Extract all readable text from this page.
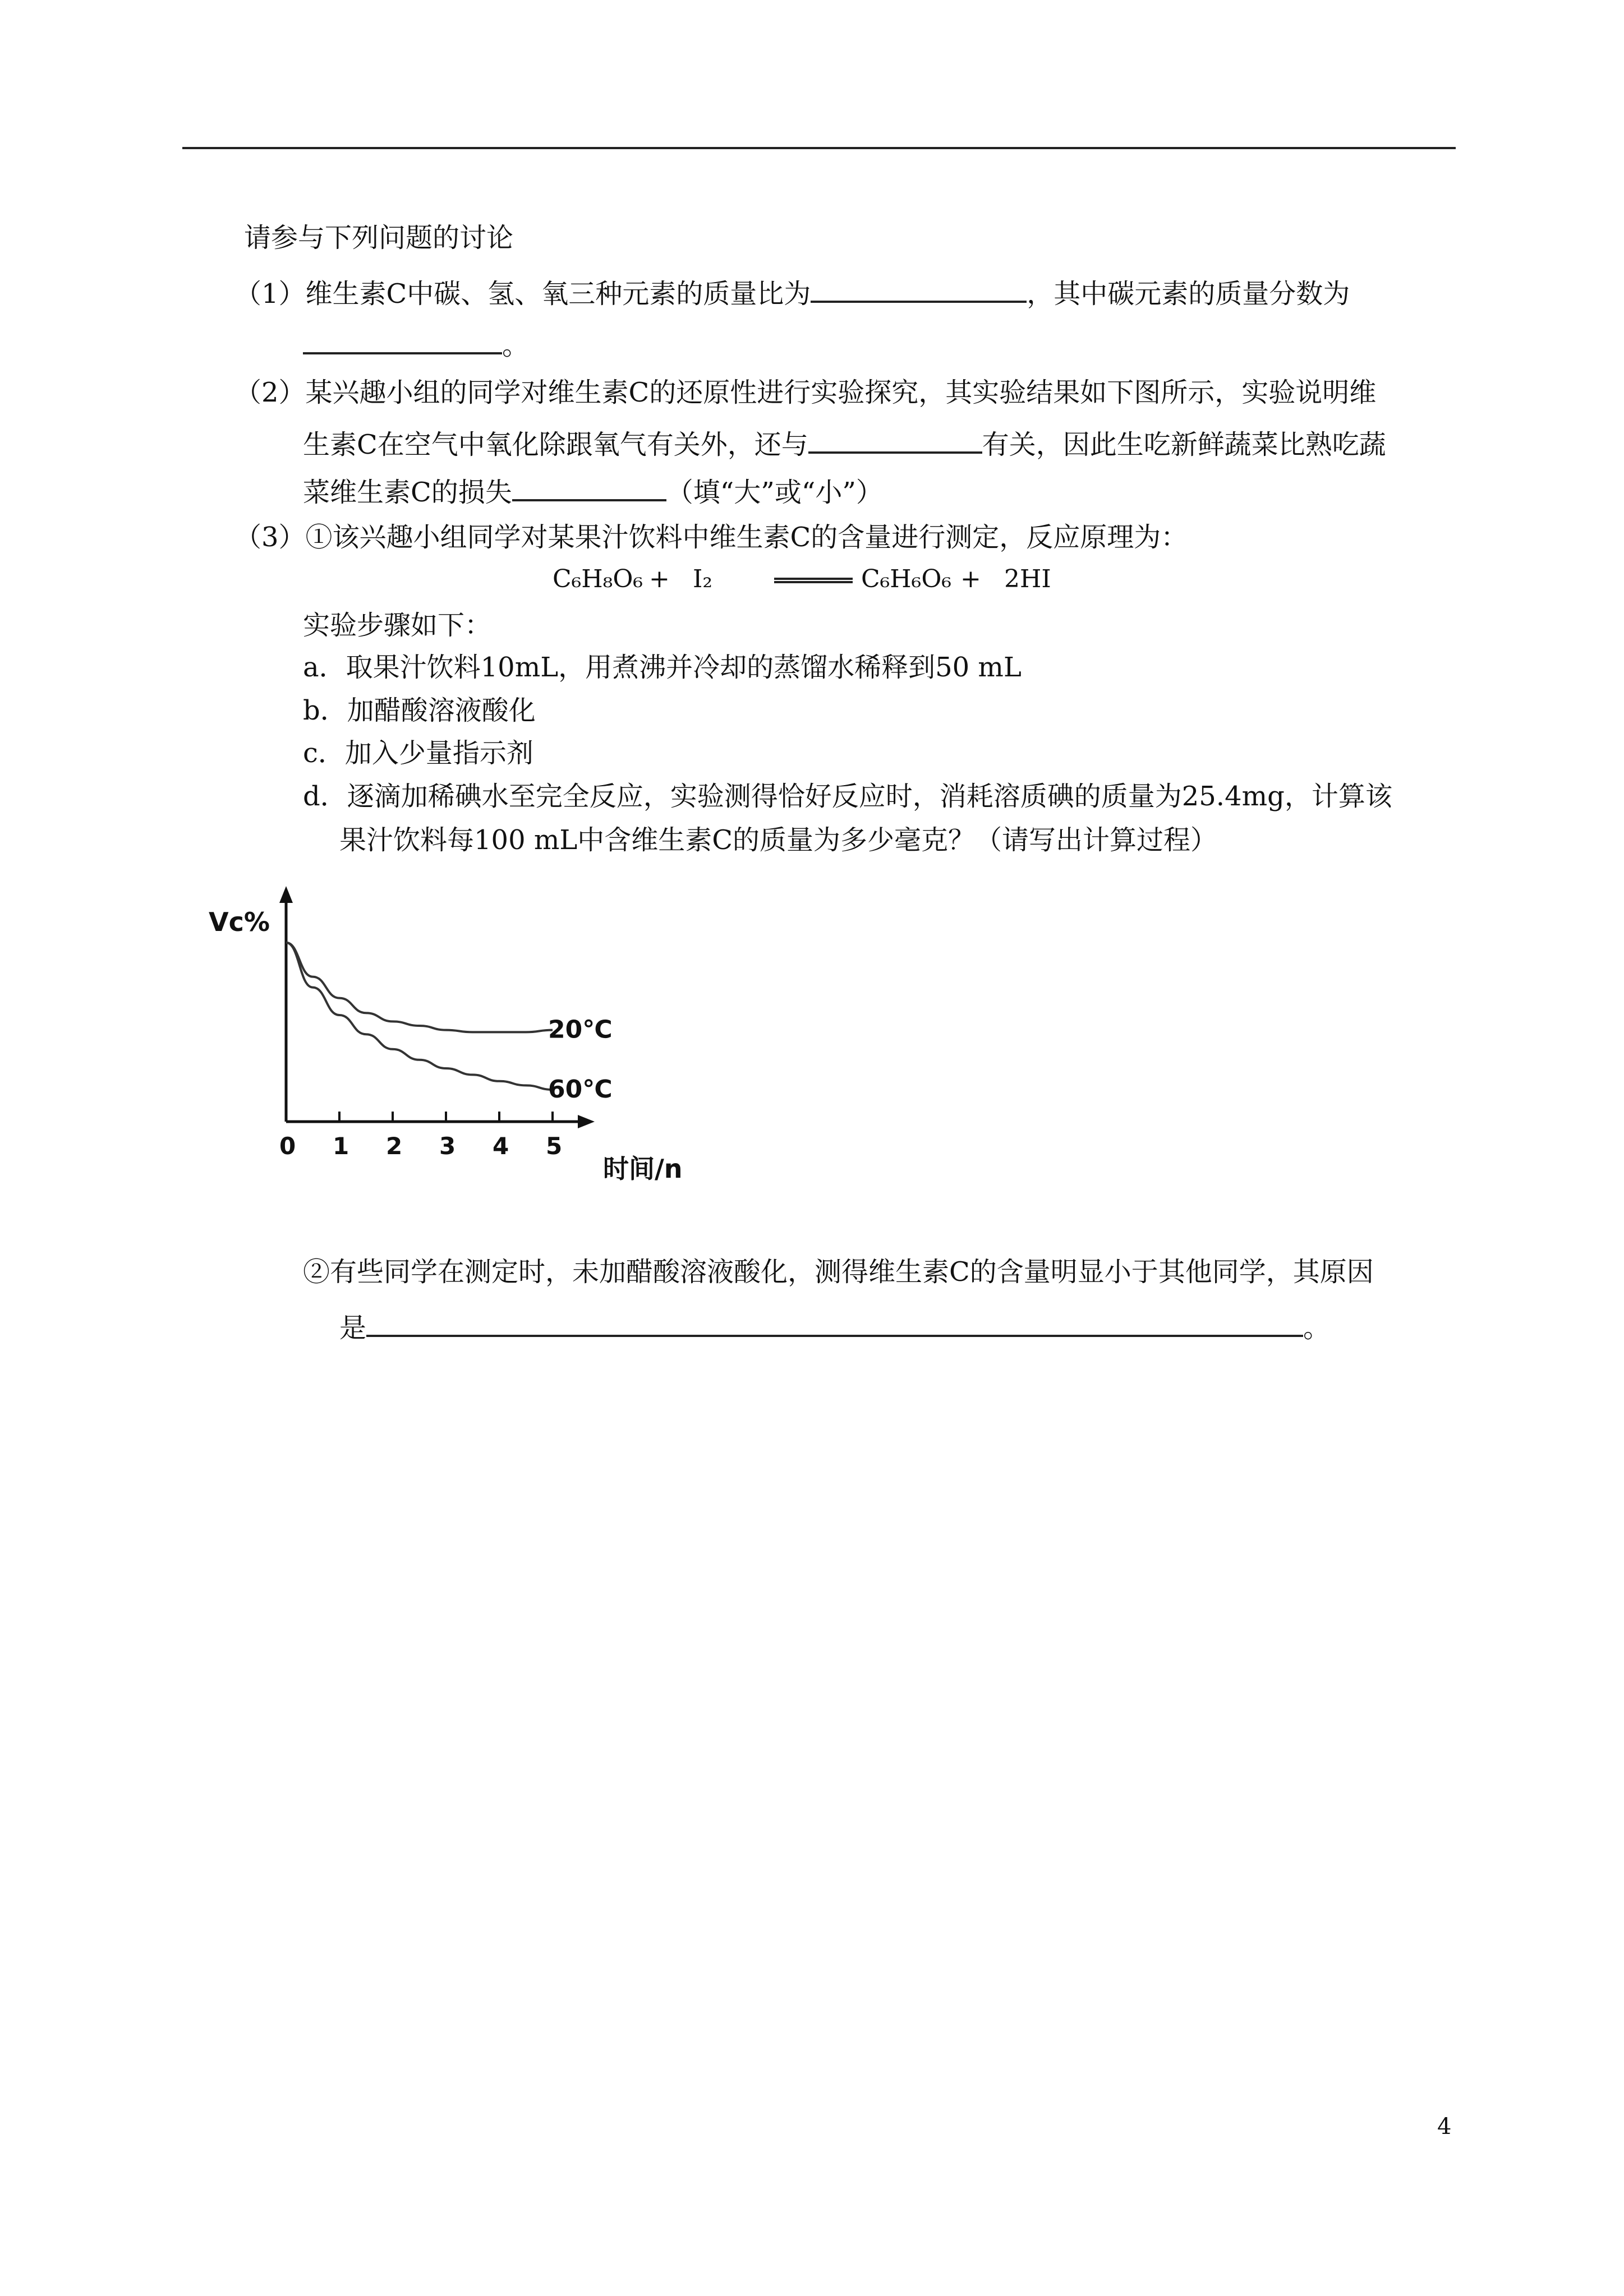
请参与下列问题的讨论
（1）维生素C中碳、氢、氧三种元素的质量比为	，其中碳元素的质量分数为
。
（2）某兴趣小组的同学对维生素C的还原性进行实验探究，其实验结果如下图所示，实验说明维
生素C在空气中氧化除跟氧气有关外，还与	有关，因此生吃新鲜蔬菜比熟吃蔬
菜维生素C的损失	（填“大”或“小”）
（3）①该兴趣小组同学对某果汁饮料中维生素C的含量进行测定，反应原理为：
C₆H₈O₆ + I₂	C₆H₆O₆ + 2HI
实验步骤如下：
a．取果汁饮料10mL，用煮沸并冷却的蒸馏水稀释到50 mL
b．加醋酸溶液酸化
c．加入少量指示剂
d．逐滴加稀碘水至完全反应，实验测得恰好反应时，消耗溶质碘的质量为25.4mg，计算该
果汁饮料每100 mL中含维生素C的质量为多少毫克？（请写出计算过程）
0 1 2 3 4 5
20℃
60℃
Vc%
时间/n
②有些同学在测定时，未加醋酸溶液酸化，测得维生素C的含量明显小于其他同学，其原因
是	。
4
